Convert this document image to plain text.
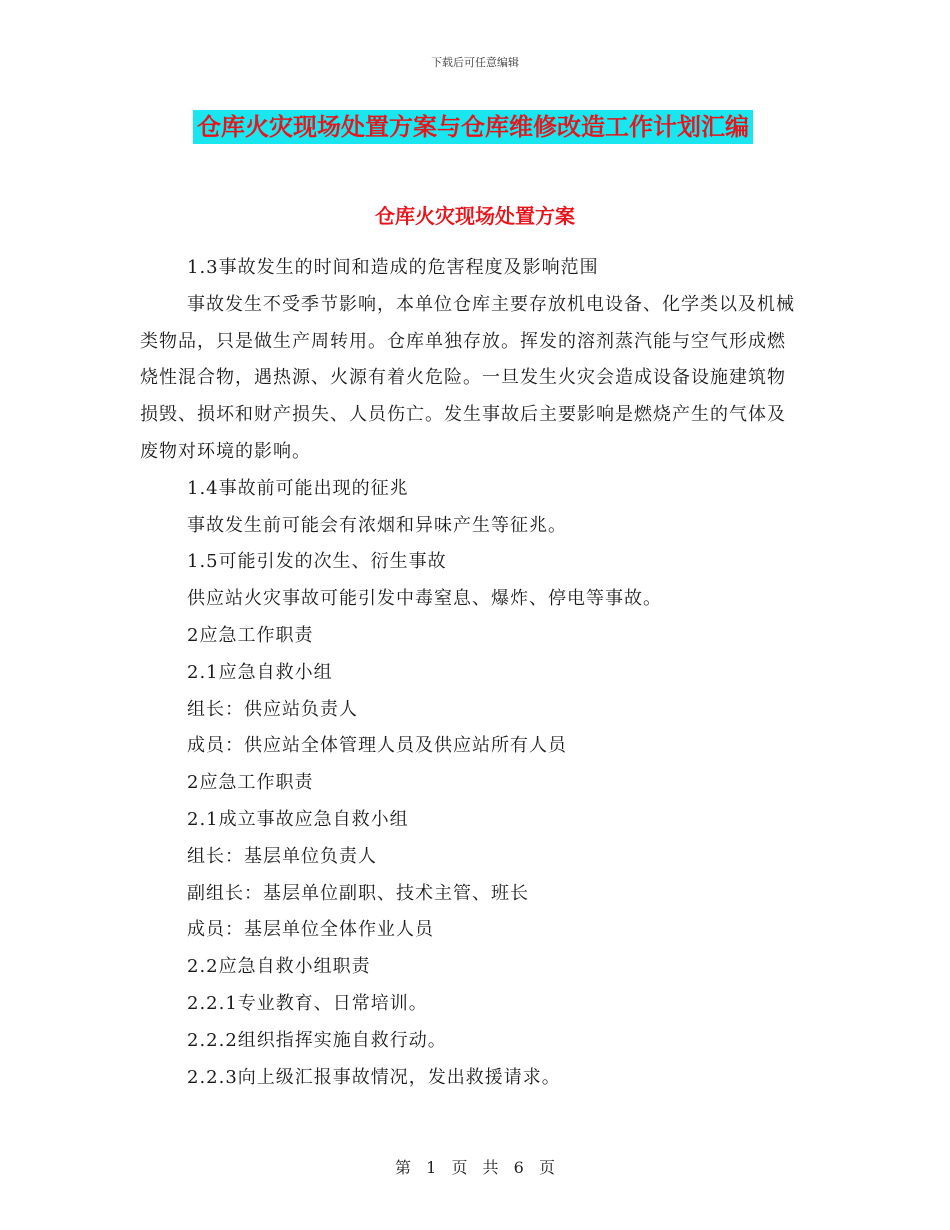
下载后可任意编辑
仓库火灾现场处置方案与仓库维修改造工作计划汇编
仓库火灾现场处置方案

1.3事故发生的时间和造成的危害程度及影响范围

事故发生不受季节影响，本单位仓库主要存放机电设备、化学类以及机械类物品，只是做生产周转用。仓库单独存放。挥发的溶剂蒸汽能与空气形成燃烧性混合物，遇热源、火源有着火危险。一旦发生火灾会造成设备设施建筑物损毁、损坏和财产损失、人员伤亡。发生事故后主要影响是燃烧产生的气体及废物对环境的影响。

1.4事故前可能出现的征兆

事故发生前可能会有浓烟和异味产生等征兆。

1.5可能引发的次生、衍生事故

供应站火灾事故可能引发中毒窒息、爆炸、停电等事故。

2应急工作职责

2.1应急自救小组

组长：供应站负责人

成员：供应站全体管理人员及供应站所有人员

2应急工作职责

2.1成立事故应急自救小组

组长：基层单位负责人

副组长：基层单位副职、技术主管、班长

成员：基层单位全体作业人员

2.2应急自救小组职责

2.2.1专业教育、日常培训。

2.2.2组织指挥实施自救行动。

2.2.3向上级汇报事故情况，发出救援请求。

第 1 页 共 6 页
